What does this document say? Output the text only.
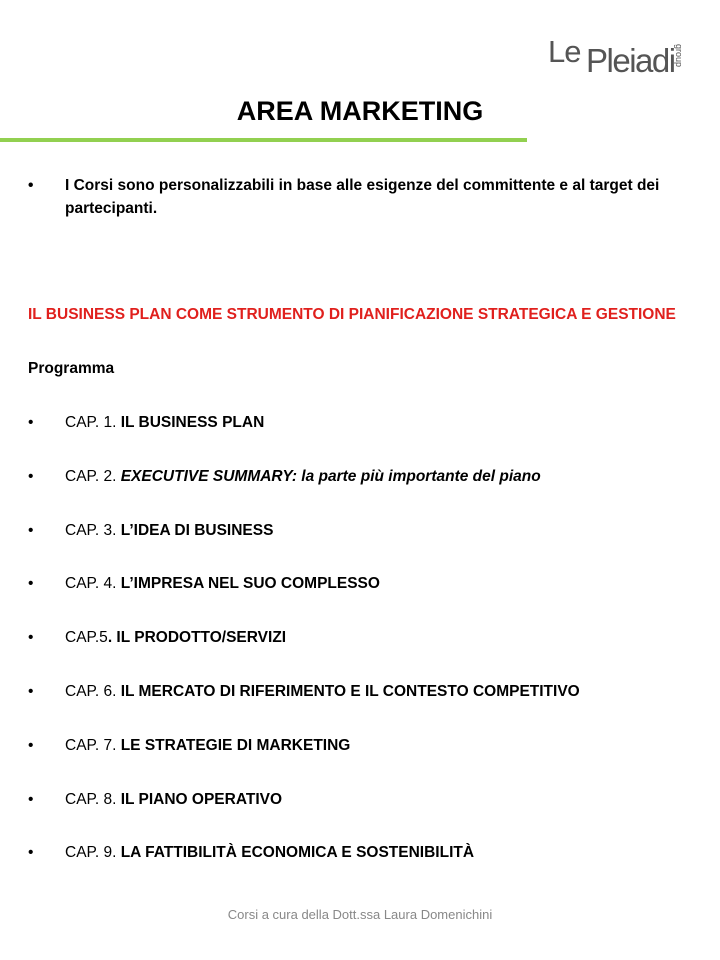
Le Pleiadi group
AREA MARKETING
• I Corsi sono personalizzabili in base alle esigenze del committente e al target dei partecipanti.
IL BUSINESS PLAN COME STRUMENTO DI PIANIFICAZIONE STRATEGICA E GESTIONE
Programma
• CAP. 1. IL BUSINESS PLAN
• CAP. 2. EXECUTIVE SUMMARY: la parte più importante del piano
• CAP. 3. L’IDEA DI BUSINESS
• CAP. 4. L’IMPRESA NEL SUO COMPLESSO
• CAP.5. IL PRODOTTO/SERVIZI
• CAP. 6. IL MERCATO DI RIFERIMENTO E IL CONTESTO COMPETITIVO
• CAP. 7. LE STRATEGIE DI MARKETING
• CAP. 8. IL PIANO OPERATIVO
• CAP. 9. LA FATTIBILITÀ ECONOMICA E SOSTENIBILITÀ
Corsi a cura della Dott.ssa Laura Domenichini
